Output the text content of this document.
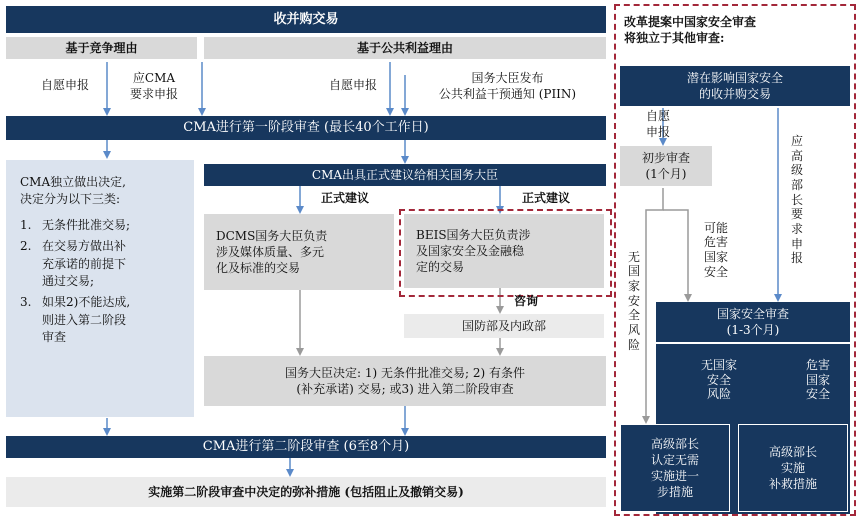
收并购交易
基于竞争理由	基于公共利益理由
自愿申报
应CMA
要求申报
自愿申报
国务大臣发布
公共利益干预通知 (PIIN)
CMA进行第一阶段审查 (最长40个工作日)
CMA独立做出决定,
决定分为以下三类:
1. 无条件批准交易;
2. 在交易方做出补
充承诺的前提下
通过交易;
3. 如果2)不能达成,
则进入第二阶段
审查
CMA出具正式建议给相关国务大臣
正式建议	正式建议
DCMS国务大臣负责
涉及媒体质量、多元
化及标准的交易
BEIS国务大臣负责涉
及国家安全及金融稳
定的交易
咨询
国防部及内政部
国务大臣决定: 1) 无条件批准交易; 2) 有条件
(补充承诺) 交易; 或3) 进入第二阶段审查
CMA进行第二阶段审查 (6至8个月)
实施第二阶段审查中决定的弥补措施 (包括阻止及撤销交易)
改革提案中国家安全审查
将独立于其他审查:
潜在影响国家安全
的收并购交易
自愿
申报
应
高
级
部
长
要
求
申
报
初步审查
(1个月)
无
国
家
安
全
风
险
可能
危害
国家
安全
国家安全审查
(1-3个月)
无国家
安全
风险
危害
国家
安全
高级部长
认定无需
实施进一
步措施
高级部长
实施
补救措施
